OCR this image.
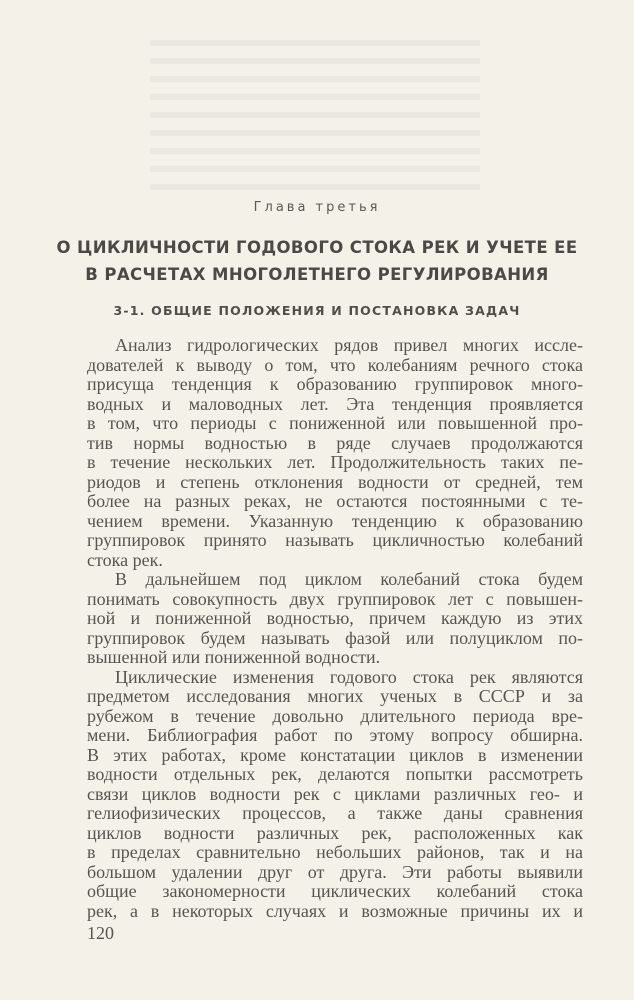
Глава третья
О ЦИКЛИЧНОСТИ ГОДОВОГО СТОКА РЕК И УЧЕТЕ ЕЕ
В РАСЧЕТАХ МНОГОЛЕТНЕГО РЕГУЛИРОВАНИЯ
3-1. ОБЩИЕ ПОЛОЖЕНИЯ И ПОСТАНОВКА ЗАДАЧ
Анализ гидрологических рядов привел многих иссле-
дователей к выводу о том, что колебаниям речного стока
присуща тенденция к образованию группировок много-
водных и маловодных лет. Эта тенденция проявляется
в том, что периоды с пониженной или повышенной про-
тив нормы водностью в ряде случаев продолжаются
в течение нескольких лет. Продолжительность таких пе-
риодов и степень отклонения водности от средней, тем
более на разных реках, не остаются постоянными с те-
чением времени. Указанную тенденцию к образованию
группировок принято называть цикличностью колебаний
стока рек.
В дальнейшем под циклом колебаний стока будем
понимать совокупность двух группировок лет с повышен-
ной и пониженной водностью, причем каждую из этих
группировок будем называть фазой или полуциклом по-
вышенной или пониженной водности.
Циклические изменения годового стока рек являются
предметом исследования многих ученых в СССР и за
рубежом в течение довольно длительного периода вре-
мени. Библиография работ по этому вопросу обширна.
В этих работах, кроме констатации циклов в изменении
водности отдельных рек, делаются попытки рассмотреть
связи циклов водности рек с циклами различных гео- и
гелиофизических процессов, а также даны сравнения
циклов водности различных рек, расположенных как
в пределах сравнительно небольших районов, так и на
большом удалении друг от друга. Эти работы выявили
общие закономерности циклических колебаний стока
рек, а в некоторых случаях и возможные причины их и
120
